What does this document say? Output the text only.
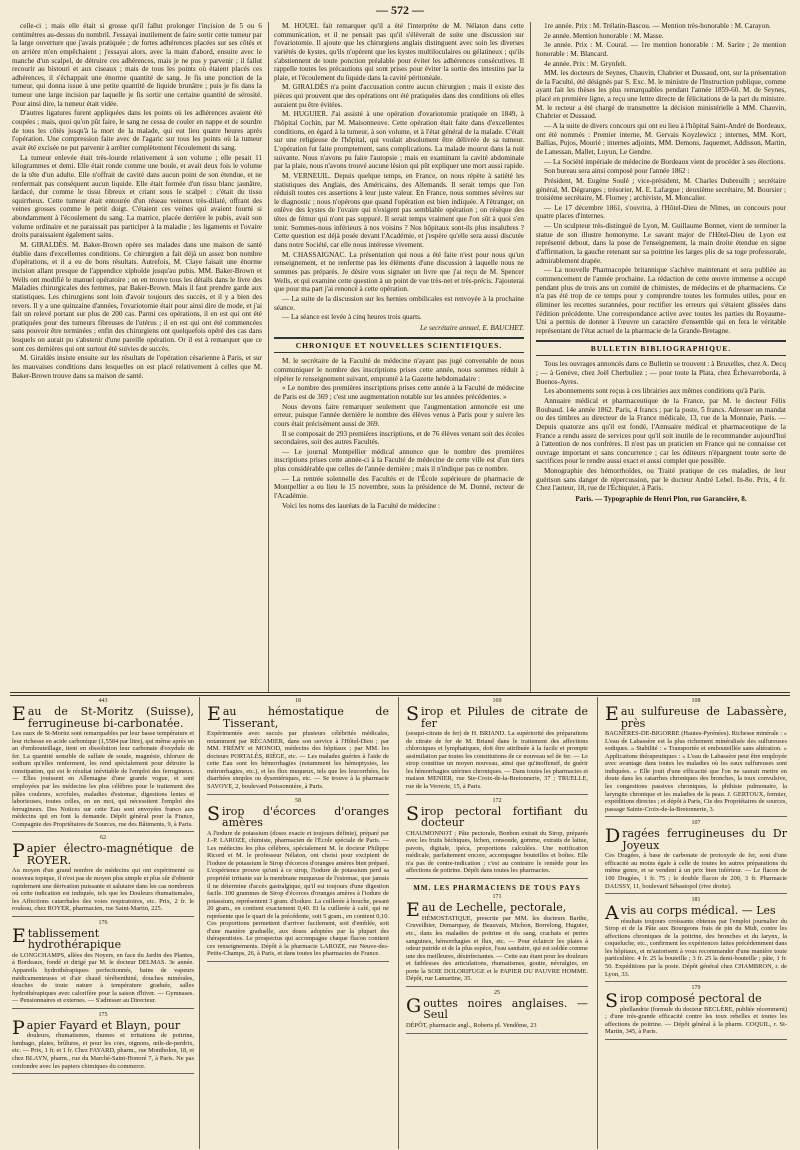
— 572 —

celle-ci ; mais elle était si grosse qu'il fallut prolonger l'incision de 5 ou 6 centimètres au-dessus du nombril. J'essayai inutilement de faire sortir cette tumeur par la large ouverture que j'avais pratiquée ; de fortes adhérences placées sur ses côtés et en arrière m'en empêchaient ; j'essayai alors, avec la main d'abord, ensuite avec le manche d'un scalpel, de détruire ces adhérences, mais je ne pus y parvenir ; il fallut recourir au bistouri et aux ciseaux ; mais de tous les points où étaient placés ces adhérences, il s'échappait une énorme quantité de sang. Je fis une ponction de la tumeur, qui donna issue à une petite quantité de liquide brunâtre ; puis je fis dans la tumeur une large incision par laquelle je fis sortir une certaine quantité de sérosité. Pour ainsi dire, la tumeur était vidée.

D'autres ligatures furent appliquées dans les points où les adhérences avaient été coupées ; mais, quoi qu'on pût faire, le sang ne cessa de couler en nappe et de sourdre de tous les côtés jusqu'à la mort de la malade, qui eut lieu quatre heures après l'opération. Une compression faite avec de l'agaric sur tous les points où la tumeur avait été excisée ne put parvenir à arrêter complètement l'écoulement du sang.

La tumeur enlevée était très-lourde relativement à son volume ; elle pesait 11 kilogrammes et demi. Elle était ronde comme une boule, et avait deux fois le volume de la tête d'un adulte. Elle n'offrait de cavité dans aucun point de son étendue, et ne renfermait pas conséquent aucun liquide. Elle était formée d'un tissu blanc jaunâtre, lardacé, dur comme le tissu fibreux et criant sous le scalpel : c'était du tissu squirrheux. Cette tumeur était entourée d'un réseau veineux très-dilaté, offrant des veines grosses comme le petit doigt. C'étaient ces veines qui avaient fourni si abondamment à l'écoulement du sang. La matrice, placée derrière le pubis, avait son volume ordinaire et ne paraissait pas participer à la maladie ; les ligaments et l'ovaire droits paraissaient également sains.

M. GIRALDÈS. M. Baker-Brown opère ses malades dans une maison de santé établie dans d'excellentes conditions. Ce chirurgien a fait déjà un assez bon nombre d'opérations, et il a eu de bons résultats. Autrefois, M. Claye faisait une énorme incision allant presque de l'appendice xiphoïde jusqu'au pubis. MM. Baker-Brown et Wells ont modifié le manuel opératoire ; on en trouve tous les détails dans le livre des Maladies chirurgicales des femmes, par Baker-Brown. Mais il faut prendre garde aux statistiques. Les chirurgiens sont loin d'avoir toujours des succès, et il y a bien des revers. Il y a une quinzaine d'années, l'ovariotomie était pour ainsi dire de mode, et j'ai fait un relevé portant sur plus de 200 cas. Parmi ces opérations, il en est qui ont été pratiquées pour des tumeurs fibreuses de l'utérus ; il en est qui ont été commencées sans pouvoir être terminées ; enfin des chirurgiens ont quelquefois opéré des cas dans lesquels on aurait pu s'abstenir d'une pareille opération. Or il est à remarquer que ce sont ces dernières qui ont surtout été suivies de succès.

M. Giraldès insiste ensuite sur les résultats de l'opération césarienne à Paris, et sur les mauvaises conditions dans lesquelles on est placé relativement à celles que M. Baker-Brown trouve dans sa maison de santé.

M. HOUEL fait remarquer qu'il a été l'interprète de M. Nélaton dans cette communication, et il ne pensait pas qu'il s'élèverait de suite une discussion sur l'ovariotomie. Il ajoute que les chirurgiens anglais distinguent avec soin les diverses variétés de kystes, qu'ils n'opèrent que les kystes multiloculaires ou gélatineux ; qu'ils s'abstiennent de toute ponction préalable pour éviter les adhérences consécutives. Il rappelle toutes les précautions qui sont prises pour éviter la sortie des intestins par la plaie, et l'écoulement du liquide dans la cavité péritonéale.

M. GIRALDÈS n'a point d'accusation contre aucun chirurgien ; mais il existe des pièces qui prouvent que des opérations ont été pratiquées dans des conditions où elles auraient pu être évitées.

M. HUGUIER. J'ai assisté à une opération d'ovariotomie pratiquée en 1849, à l'hôpital Cochin, par M. Maisonneuve. Cette opération était faite dans d'excellentes conditions, en égard à la tumeur, à son volume, et à l'état général de la malade. C'était sur une religieuse de l'hôpital, qui voulait absolument être délivrée de sa tumeur. L'opération fut faite promptement, sans complications. La malade mourut dans la nuit suivante. Nous n'avons pu faire l'autopsie ; mais en examinant la cavité abdominale par la plaie, nous n'avons trouvé aucune lésion qui pût expliquer une mort aussi rapide.

M. VERNEUIL. Depuis quelque temps, en France, on nous répète à satiété les statistiques des Anglais, des Américains, des Allemands. Il serait temps que l'on réduisît toutes ces assertions à leur juste valeur. En France, nous sommes sévères sur le diagnostic ; nous n'opérons que quand l'opération est bien indiquée. A l'étranger, on enlève des kystes de l'ovaire qui n'exigent pas semblable opération ; on résèque des têtes de fémur qui n'ont pas suppuré. Il serait temps vraiment que l'on sût à quoi s'en tenir. Sommes-nous inférieurs à nos voisins ? Nos hôpitaux sont-ils plus insalubres ? Cette question est déjà posée devant l'Académie, et j'espère qu'elle sera aussi discutée dans notre Société, car elle nous intéresse vivement.

M. CHASSAIGNAC. La présentation qui nous a été faite n'est pour nous qu'un renseignement, et ne renferme pas les éléments d'une discussion à laquelle nous ne sommes pas préparés. Je désire vous signaler un livre que j'ai reçu de M. Spencer Wells, et qui examine cette question à un point de vue très-net et très-précis. J'ajouterai que pour ma part j'ai renoncé à cette opération.

— La suite de la discussion sur les hernies ombilicales est renvoyée à la prochaine séance.

— La séance est levée à cinq heures trois quarts.

Le secrétaire annuel, E. BAUCHET.
CHRONIQUE ET NOUVELLES SCIENTIFIQUES.

M. le secrétaire de la Faculté de médecine n'ayant pas jugé convenable de nous communiquer le nombre des inscriptions prises cette année, nous sommes réduit à répéter le renseignement suivant, emprunté à la Gazette hebdomadaire :

« Le nombre des premières inscriptions prises cette année à la Faculté de médecine de Paris est de 369 ; c'est une augmentation notable sur les années précédentes. »

Nous devons faire remarquer seulement que l'augmentation annoncée est une erreur, puisque l'année dernière le nombre des élèves venus à Paris pour y suivre les cours était précisément aussi de 369.

Il se composait de 293 premières inscriptions, et de 76 élèves venant soit des écoles secondaires, soit des autres Facultés.

— Le journal Montpellier médical annonce que le nombre des premières inscriptions prises cette année-ci à la Faculté de médecine de cette ville est d'un tiers plus considérable que celles de l'année dernière ; mais il n'indique pas ce nombre.

— La rentrée solennelle des Facultés et de l'École supérieure de pharmacie de Montpellier a eu lieu le 15 novembre, sous la présidence de M. Donné, recteur de l'Académie.

Voici les noms des lauréats de la Faculté de médecine :

1re année. Prix : M. Trélatin-Bascou. — Mention très-honorable : M. Carayon.

2e année. Mention honorable : M. Masse.

3e année. Prix : M. Coural. — 1re mention honorable : M. Sarire ; 2e mention honorable : M. Blancard.

4e année. Prix : M. Grynfelt.

MM. les docteurs de Seynes, Chauvin, Chabrier et Dussaud, ont, sur la présentation de la Faculté, été désignés par S. Exc. M. le ministre de l'Instruction publique, comme ayant fait les thèses les plus remarquables pendant l'année 1859-60. M. de Seynes, placé en première ligne, a reçu une lettre directe de félicitations de la part du ministre. M. le recteur a été chargé de transmettre la décision ministérielle à MM. Chauvin, Chabrier et Dussaud.

— A la suite de divers concours qui ont eu lieu à l'hôpital Saint-André de Bordeaux, ont été nommés : Premier interne, M. Gervais Koyzlewicz ; internes, MM. Kort, Ballias, Pujos, Mourié ; internes adjoints, MM. Demons, Jaquemet, Addisson, Martin, de Lanessan, Mallet, Luyun, Le Gendre.

— La Société impériale de médecine de Bordeaux vient de procéder à ses élections.

Son bureau sera ainsi composé pour l'année 1862 :

Président, M. Eugène Soulé ; vice-président, M. Charles Dubreuilh ; secrétaire général, M. Dégranges ; trésorier, M. E. Lafargue ; deuxième secrétaire, M. Boursier ; troisième secrétaire, M. Florney ; archiviste, M. Moncalier.

— Le 17 décembre 1861, s'ouvrira, à l'Hôtel-Dieu de Nîmes, un concours pour quatre places d'internes.

— Un sculpteur très-distingué de Lyon, M. Guillaume Bonnet, vient de terminer la statue de son illustre homonyme. Le savant major de l'Hôtel-Dieu de Lyon est représenté debout, dans la pose de l'enseignement, la main droite étendue en signe d'affirmation, la gauche retenant sur sa poitrine les larges plis de sa toge professorale, admirablement drapée.

— La nouvelle Pharmacopée britannique s'achève maintenant et sera publiée au commencement de l'année prochaine. La rédaction de cette œuvre immense a occupé pendant plus de trois ans un comité de chimistes, de médecins et de pharmaciens. Ce n'a pas été trop de ce temps pour y comprendre toutes les formules utiles, pour en éliminer les recettes surannées, pour rectifier les erreurs qui s'étaient glissées dans l'édition précédente. Une correspondance active avec toutes les parties du Royaume-Uni a permis de donner à l'œuvre un caractère d'ensemble qui en fera le véritable représentant de l'état actuel de la pharmacie de la Grande-Bretagne.

BULLETIN BIBLIOGRAPHIQUE.

Tous les ouvrages annoncés dans ce Bulletin se trouvent : à Bruxelles, chez A. Decq ; — à Genève, chez Joël Cherbuliez ; — pour toute la Plata, chez Échevarreborda, à Buenos-Ayres.

Les abonnements sont reçus à ces librairies aux mêmes conditions qu'à Paris.

Annuaire médical et pharmaceutique de la France, par M. le docteur Félix Roubaud. 14e année 1862. Paris, 4 francs ; par la poste, 5 francs. Adresser un mandat ou des timbres au directeur de la France médicale, 13, rue de la Monnaie, Paris. — Depuis quatorze ans qu'il est fondé, l'Annuaire médical et pharmaceutique de la France a rendu assez de services pour qu'il soit inutile de le recommander aujourd'hui à l'attention de nos confrères. Il n'est pas un praticien en France qui ne connaisse cet ouvrage important et sans concurrence ; car les éditeurs n'épargnent toute sorte de sacrifices pour le rendre aussi exact et aussi complet que possible.

Monographie des hémorrhoïdes, ou Traité pratique de ces maladies, de leur guérison sans danger de répercussion, par le docteur André Lebel. In-8o. Prix, 4 fr. Chez l'auteur, 18, rue de l'Échiquier, à Paris.

Paris. — Typographie de Henri Plon, rue Garancière, 8.
443
Eau de St-Moritz (Suisse), ferrugineuse bi-carbonatée.
Les eaux de St-Moritz sont remarquables par leur basse température et leur richesse en acide carbonique (1,5584 par litre), qui même après un an d'embouteillage, tient en dissolution leur carbonate d'oxydule de fer. La quantité sensible de sulfate de soude, magnésie, chlorure de sodium qu'elles renferment, les rend spécialement pour détruire la constipation, qui est le résultat inévitable de l'emploi des ferrugineux. — Elles jouissent en Allemagne d'une grande vogue, et sont employées par les médecins les plus célèbres pour le traitement des pâles couleurs, scrofules, maladies d'estomac, digestions lentes et laborieuses, toutes celles, en un mot, qui nécessitent l'emploi des ferrugineux. Des Notices sur cette Eau sont envoyées franco aux médecins qui en font la demande. Dépôt général pour la France, Compagnie des Propriétaires de Sources, rue des Bâtiments, 9, à Paris.
62
Papier électro-magnétique de ROYER.
Au moyen d'un grand nombre de médecins qui ont expérimenté ce nouveau topique, il n'est pas de moyen plus simple et plus sûr d'obtenir rapidement une dérivation puissante et salutaire dans les cas nombreux où cette indication est indiquée, tels que les Douleurs rhumatismales, les Affections catarrhales des voies respiratoires, etc. Prix, 2 fr. le rouleau, chez ROYER, pharmacien, rue Saint-Martin, 225.
176
Etablissement hydrothérapique
de LONGCHAMPS, allées des Noyers, en face du Jardin des Plantes, à Bordeaux, fondé et dirigé par M. le docteur DELMAS. 3e année. Appareils hydrothérapiques perfectionnés, bains de vapeurs médicamenteuses et d'air chaud térébenthiné, douches minérales, douches de toute nature à température graduée, salles hydrothérapiques avec calorifère pour la saison d'hiver. — Gymnases. — Pensionnaires et externes. — S'adresser au Directeur.
175
Papier Fayard et Blayn, pour
douleurs, rhumatismes, rhumes et irritations de poitrine, lumbago, plaies, brûlures, et pour les cors, oignons, œils-de-perdrix, etc. — Prix, 1 fr. et 1 fr. Chez FAYARD, pharm., rue Montholon, 18, et chez BLAYN, pharm., rue du Marché-Saint-Honoré 7, à Paris. Ne pas confondre avec les papiers chimiques du commerce.
18
Eau hémostatique de Tisserant,
Expérimentée avec succès par plusieurs célébrités médicales, notamment par RÉCAMIER, dans son service à l'Hôtel-Dieu ; par MM. FRÉMY et MONOD, médecins des hôpitaux ; par MM. les docteurs PORTALÈS, RIÈGE, etc. — Les malades guéries à l'aide de cette Eau sont les hémorrhagies (notamment les hémoptysies, les métrorrhagies, etc.), et les flux muqueux, tels que les leucorrhées, les diarrhées simples ou dysentériques, etc. — Se trouve à la pharmacie SAVOYE, 2, boulevard Poissonnière, à Paris.
58
Sirop d'écorces d'oranges amères
A l'iodure de potassium (doses exacte et toujours définie), préparé par J.-P. LAROZE, chimiste, pharmacien de l'École spéciale de Paris. — Les médecins les plus célèbres, spécialement M. le docteur Philippe Ricord et M. le professeur Nélaton, ont choisi pour excipient de l'iodure de potassium le Sirop d'écorces d'oranges amères bien préparé. L'expérience prouve qu'uni à ce sirop, l'iodure de potassium perd sa propriété irritante sur la membrane muqueuse de l'estomac, que jamais il ne détermine d'accès gastralgique, qu'il est toujours d'une digestion facile. 100 grammes de Sirop d'écorces d'oranges amères à l'iodure de potassium, représentent 3 gram. d'iodure. La cuillerée à bouche, pesant 20 gram., en contient exactement 0,40. Et la cuillerée à café, qui ne représente que le quart de la précédente, soit 5 gram., en contient 0,10. Ces proportions permettent d'arriver facilement, soit d'emblée, soit d'une manière graduelle, aux doses adoptées par la plupart des thérapeutistes. Le prospectus qui accompagne chaque flacon contient ces renseignements. Dépôt à la pharmacie LAROZE, rue Neuve-des-Petits-Champs, 26, à Paris, et dans toutes les pharmacies de France.
169
Sirop et Pilules de citrate de fer
(sesqui-citrate de fer) de H. BRIAND. La supériorité des préparations de citrate de fer de M. Briand dans le traitement des affections chloroiques et lymphatiques, doit être attribuée à la facile et prompte assimilation par toutes les constitutions de ce nouveau sel de fer. — Le sirop constitue un moyen nouveau, ainsi que qu'inoffensif, de guérir les hémorrhagies utérines chroniques. — Dans toutes les pharmacies et maison MENIER, rue Ste-Croix-de-la-Bretonnerie, 37 ; TRUELLE, rue de la Verrerie, 15, à Paris.
172
Sirop pectoral fortifiant du docteur
CHAUMONNOT ; Pâte pectorale, Bonbon extrait du Sirop, préparés avec les fruits béchiques, lichen, consoude, gomme, extraits de laitue, pavots, digitale, ipéca, proportions calculées. Une notification médicale, parfaitement encore, accompagne bouteilles et boîtes. Elle n'a pas de contre-indication ; c'est au contraire le remède pour les affections de poitrine. Dépôt dans toutes les pharmacies.
MM. LES PHARMACIENS DE TOUS PAYS
171
Eau de Lechelle, pectorale,
HÉMOSTATIQUE, prescrite par MM. les docteurs Barthe, Cruveilhier, Demarquay, de Beauvais, Michon, Borrelong, Huguier, etc., dans les maladies de poitrine et du sang, crachats et pertes sanguines, hémorrhagies et flux, etc. — Pour éclaircir les plaies à odeur putride et de la plus espèce, l'eau sanitaire, qui est soldée comme une des meilleures, désinfectantes. — Cette eau étant pour les douleurs et faiblesses des articulations, rhumatismes, goutte, névralgies, en porte la SOIE DOLORIFUGE et le PAPIER DU PAUVRE HOMME. Dépôt, rue Lamartine, 35.
25
Gouttes noires anglaises. — Seul
DÉPÔT, pharmacie angl., Roberts pl. Vendôme, 23
108
Eau sulfureuse de Labassère, près
BAGNÈRES-DE-BIGORRE (Hautes-Pyrénées). Richesse minérale : « L'eau de Labassère est la plus richement minéralisée des sulfureuses sodiques. » Stabilité : « Transportée et embouteillée sans altération. » Applications thérapeutiques : « L'eau de Labassère peut être employée avec avantage dans toutes les maladies où les eaux sulfureuses sont indiquées. » Elle jouit d'une efficacité que l'on ne saurait mettre en doute dans les catarrhes chroniques des bronches, la toux convulsive, les congestions passives chroniques, la phthisie pulmonaire, la laryngite chronique et les maladies de la peau. J. GERTOUX, fermier, expéditions directes ; et dépôt à Paris, Cie des Propriétaires de sources, passage Sainte-Croix-de-la-Bretonnerie, 3.
107
Dragées ferrugineuses du Dr Joyeux
Ces Dragées, à base de carbonate de protoxyde de fer, sont d'une efficacité au moins égale à celle de toutes les autres préparations du même genre, et se vendent à un prix bien inférieur. — Le flacon de 100 Dragées, 1 fr. 75 ; le double flacon de 200, 3 fr. Pharmacie DAUSSY, 11, boulevard Sébastopol (rive droite).
181
Avis au corps médical. — Les
résultats toujours croissants obtenus par l'emploi journalier du Sirop et de la Pâte aux Bourgeons frais de pin du Midi, contre les affections chroniques de la poitrine, des bronches et du larynx, la coqueluche, etc., confirment les expériences faites précédemment dans les hôpitaux, et m'autorisent à vous recommander d'une manière toute particulière. 4 fr. 25 la bouteille ; 3 fr. 25 la demi-bouteille ; pâte, 1 fr. 50. Expéditions par la poste. Dépôt général chez CHAMBRON, r. de Lyon, 33.
179
Sirop composé pectoral de
phellandrie (formule du docteur BECLÈRE, publiée récemment) ; d'une très-grande efficacité contre les toux rebelles et toutes les affections de poitrine. — Dépôt général à la pharm. COQUIL, r. St-Martin, 345, à Paris.
